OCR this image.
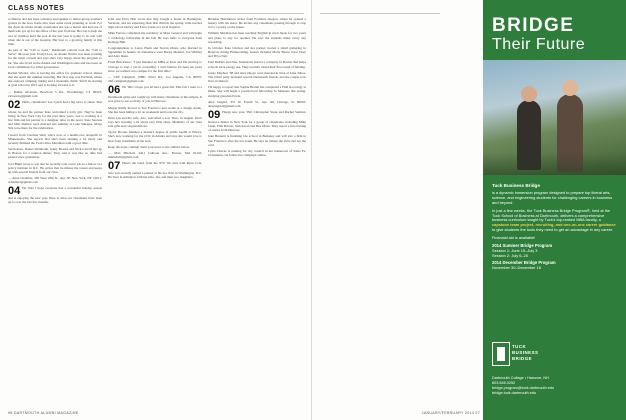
CLASS NOTES

to Denver and has been a mentor and speaker to minor-group women's groups in the area. Katie also does some event planning at work. For the cheer & stricks sleuth ceremonies she was a bursar and had one of them who got up for the office of the year from her. Her trip to help the rest of children hold the post in the last year is going to do real well when she is out of the hospital. Her best to a growing family at this time.

As part of the "Call to Lead," Dartmouth cohorts took the "Call to Serve" this past year. Evelyn Lee, an Alaska Native, has been working for the tribal council and says she's very happy about the program so far. She also lived in the Alaska and Washington state and has been on local committees for tribal governance.

Rachel Wiedel, who is leaving the office for graduate school, shares that she spent the summer traveling. Her first stop was Portland, where she enjoyed camping, hiking and a mountain climb. She'll be starting at grad school in 2015 and is looking forward to it.

— Ruthie Alvarado, Bowdoin 5 Rd., Woodbridge, CT 06525; ralvarado@gmail.com

02 Hello, classmates! Lee Lynch had a big news to share. This winter, he and his partner Kate welcomed a baby girl. They've been living in New York City for the past three years. Lee is working at a law firm and his partner is a designer. Also in the news: Kate Stevens and Matt Dermot were married last summer at Lake Sunapee. Many '02s were there for the celebration.

I heard from Caroline Weil, who's now at a health-care nonprofit in Minneapolis. She reports that she's been running a lot lately and recently finished the Twin Cities Marathon with a good time.

Sarah Ross, Daniel Weintraub, Jenny Brooks and Nick Carroll met up in Boston for a reunion dinner. They said it was like no time had passed since graduation.

Carl Blum wrote to say that he recently took a new job as a fellow at a policy institute in D.C. He writes that he misses the Green and keeps up with several friends from our class.

— Anna Chamber, 285 West 18th St., Apt. 3F, New York, NY 10011; achamber@gmail.com

04 Hi, '04s! I hope everyone had a wonderful holiday season and is enjoying the new year. Here is what our classmates have been up to over the last few months.

John and Erica Holt wrote that they bought a house in Burlington, Vermont, and are expecting their first child in the spring. John teaches high school history and Erica works at a local hospital.

Mike Ferrara completed his residency at Mass General and will begin a cardiology fellowship in the fall. He says hello to everyone from Kellogg Hall.

Congratulations to Laura Pham and Steven Olsen, who married in September in Seattle. In attendance were Becky Mendez, Jon Whitley and Alex Dunn.

From Ben Russo: "I just finished an MBA at Tuck and I'm moving to Chicago to start a job in consulting. I can't believe it's been ten years since we walked onto campus for the first time."

— Cliff Campbell, 10881 Silver Rd., Los Angeles, CA 90035; cliff.campbell@gmail.com

06 Hi, '06s! I hope you all had a great fall. This fall I went to a Dartmouth game and caught up with many classmates at the tailgate. It was great to see so many of you in Hanover.

Megan Reilly moved to San Francisco and works at a design studio. She has been hiking a lot on weekends and loves the city.

Dave Lin and his wife, Ana, welcomed a son, Theo, in August. Dave says he's learning a lot about very little sleep. Members of our class sent gifts and congratulations.

Taylor Brooks finished a master's degree in public health at Emory. She's now working for the CDC in Atlanta and says she would love to hear from classmates in the area.

Keep the notes coming! Send your news to the address below.

— Matt Mitchell, 3421 Calhoun Ave., Boston, MA 02116; mmitchell@gmail.com

07 Here's the latest from the '07s! We start with Ryan Cole, who was recently named a partner at his law firm in Washington, D.C. He lives in Arlington with his wife, Jen, and their two daughters.

Brendan Hutchinson writes from Portland, Oregon, where he opened a bakery with his sister. He invites any classmates passing through to stop in for a pastry on the house.

William Sherman has been teaching English in rural Japan for two years and plans to stay for another. He says the students make every day rewarding.

In October Kate Chabon and her partner hosted a small gathering in Hanover during Homecoming. Guests included Molly Byrne, Isaac Dorn and Priya Nair.

Paul DuPlex and Nate Sandstrom started a company in Boston that helps schools track energy use. They recently raised their first round of funding.

Jessie Mayhew '08 and Alex Okoye were married in June at Lake Tahoe. The bridal party included several Dartmouth friends, and the couple now lives in Denver.

I'm happy to report that Sophie Brandt has completed a PhD in ecology at Duke. She will begin a postdoctoral fellowship in Montana this spring, studying grassland birds.

Alex Jangard, 357 W. Fourth St., Apt. 4D, Chicago, IL 60610; alexjangard@gmail.com

09 Happy new year, '09s! Christopher Stone and Rachel Sanborn hosted a dinner in New York for a group of classmates, including Mike Chun, Ellie Barton, Sam Kwan and Bea Olsen. They report a fun evening of stories from Hanover.

Jake Brunetti is finishing law school in Berkeley and will join a firm in San Francisco after the bar exam. He says he misses the snow but not the cold.

Lydia Chavez is running for city council in her hometown of Santa Fe. Classmates can follow her campaign online.

96 DARTMOUTH ALUMNI MAGAZINE	JANUARY/FEBRUARY 2014 97
BRIDGE
Their Future

Tuck Business Bridge

is a dynamic immersion program designed to prepare top liberal arts, science, and engineering students for challenging careers in business and beyond.

In just a few weeks, the Tuck Business Bridge Program®, held at the Tuck School of Business at Dartmouth, delivers a comprehensive business curriculum taught by Tuck's top-ranked MBA faculty, a capstone team project, recruiting, and one-on-one career guidance to give students the tools they need to get an advantage in any career.

Financial aid is available!

2014 Summer Bridge Program
Session 1: June 15–July 3
Session 2: July 6–25
2014 December Bridge Program
November 30–December 18
TUCK
BUSINESS
BRIDGE
Dartmouth College • Hanover, NH
603.646.0252
bridge.program@tuck.dartmouth.edu
bridge.tuck.dartmouth.edu
